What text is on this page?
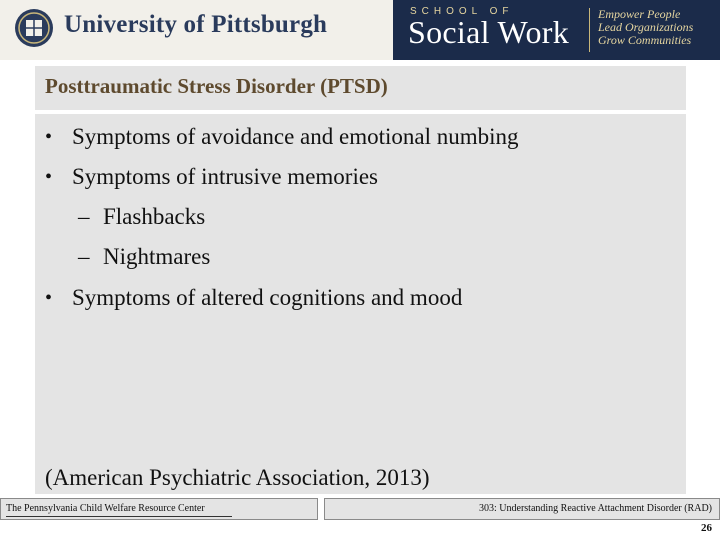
University of Pittsburgh	SCHOOL OF
Social Work Empower People
Lead Organizations
Grow Communities
Posttraumatic Stress Disorder (PTSD)
• Symptoms of avoidance and emotional numbing
• Symptoms of intrusive memories
– Flashbacks
– Nightmares
• Symptoms of altered cognitions and mood
(American Psychiatric Association, 2013)
The Pennsylvania Child Welfare Resource Center	303: Understanding Reactive Attachment Disorder (RAD)
26
